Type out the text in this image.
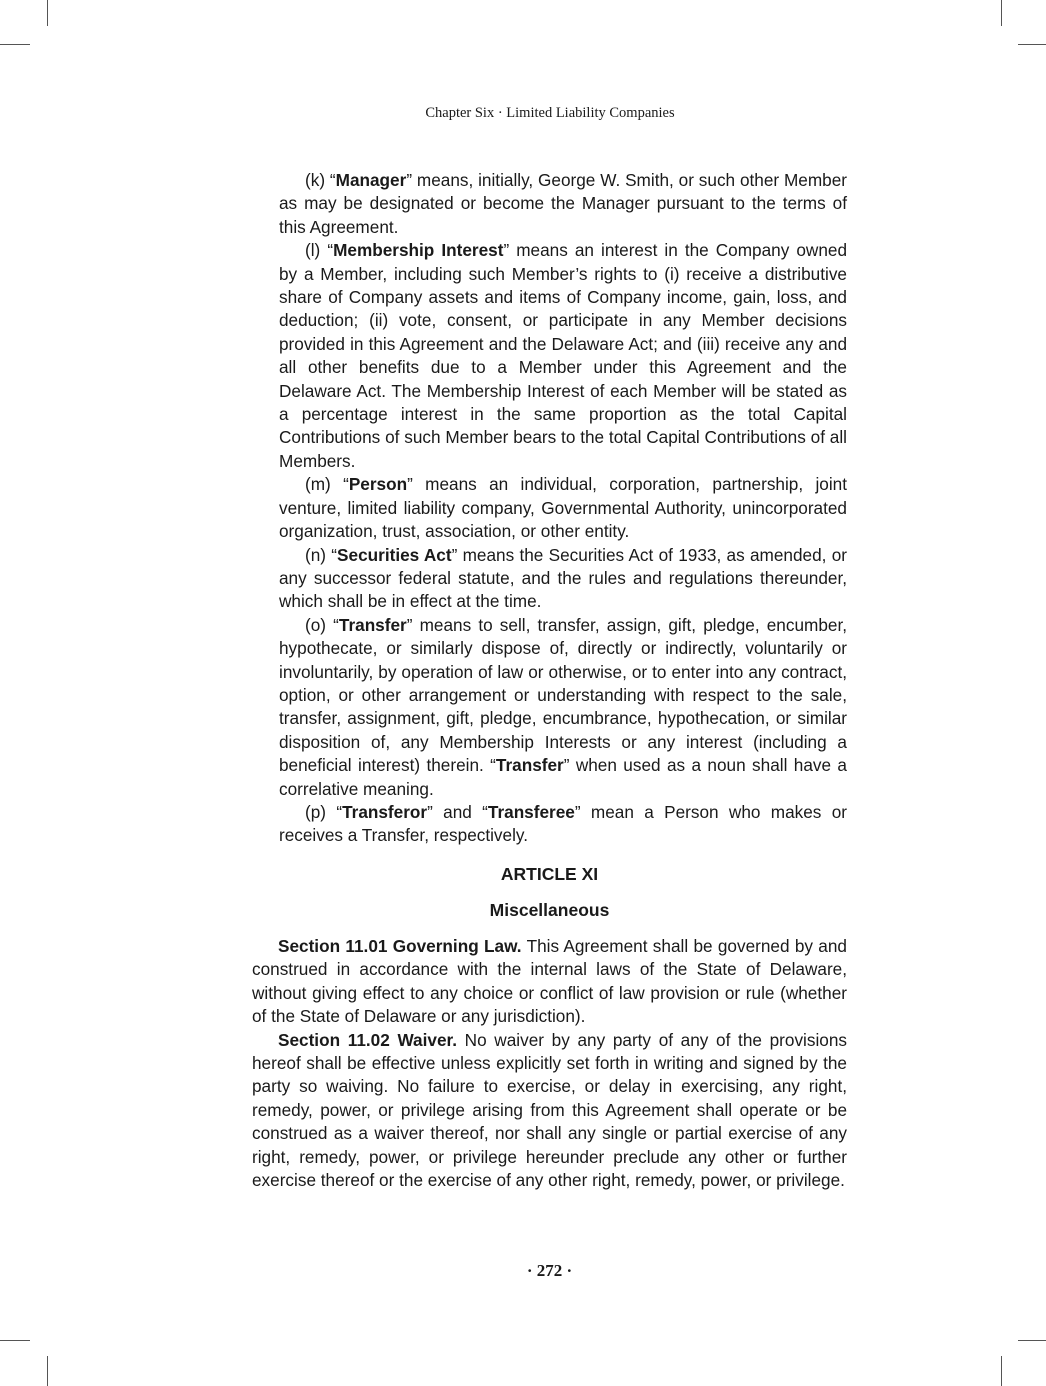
Chapter Six · Limited Liability Companies

(k) “Manager” means, initially, George W. Smith, or such other Member as may be designated or become the Manager pursuant to the terms of this Agreement.

(l) “Membership Interest” means an interest in the Company owned by a Member, including such Member’s rights to (i) receive a distributive share of Company assets and items of Company income, gain, loss, and deduction; (ii) vote, consent, or participate in any Member decisions provided in this Agreement and the Delaware Act; and (iii) receive any and all other benefits due to a Member under this Agreement and the Delaware Act. The Membership Interest of each Member will be stated as a percentage interest in the same proportion as the total Capital Contributions of such Member bears to the total Capital Contributions of all Members.

(m) “Person” means an individual, corporation, partnership, joint venture, limited liability company, Governmental Authority, unincorporated organization, trust, association, or other entity.

(n) “Securities Act” means the Securities Act of 1933, as amended, or any successor federal statute, and the rules and regulations thereunder, which shall be in effect at the time.

(o) “Transfer” means to sell, transfer, assign, gift, pledge, encumber, hypothecate, or similarly dispose of, directly or indirectly, voluntarily or involuntarily, by operation of law or otherwise, or to enter into any contract, option, or other arrangement or understanding with respect to the sale, transfer, assignment, gift, pledge, encumbrance, hypothecation, or similar disposition of, any Membership Interests or any interest (including a beneficial interest) therein. “Transfer” when used as a noun shall have a correlative meaning.

(p) “Transferor” and “Transferee” mean a Person who makes or receives a Transfer, respectively.

ARTICLE XI
Miscellaneous

Section 11.01 Governing Law. This Agreement shall be governed by and construed in accordance with the internal laws of the State of Delaware, without giving effect to any choice or conflict of law provision or rule (whether of the State of Delaware or any jurisdiction).

Section 11.02 Waiver. No waiver by any party of any of the provisions hereof shall be effective unless explicitly set forth in writing and signed by the party so waiving. No failure to exercise, or delay in exercising, any right, remedy, power, or privilege arising from this Agreement shall operate or be construed as a waiver thereof, nor shall any single or partial exercise of any right, remedy, power, or privilege hereunder preclude any other or further exercise thereof or the exercise of any other right, remedy, power, or privilege.

· 272 ·
